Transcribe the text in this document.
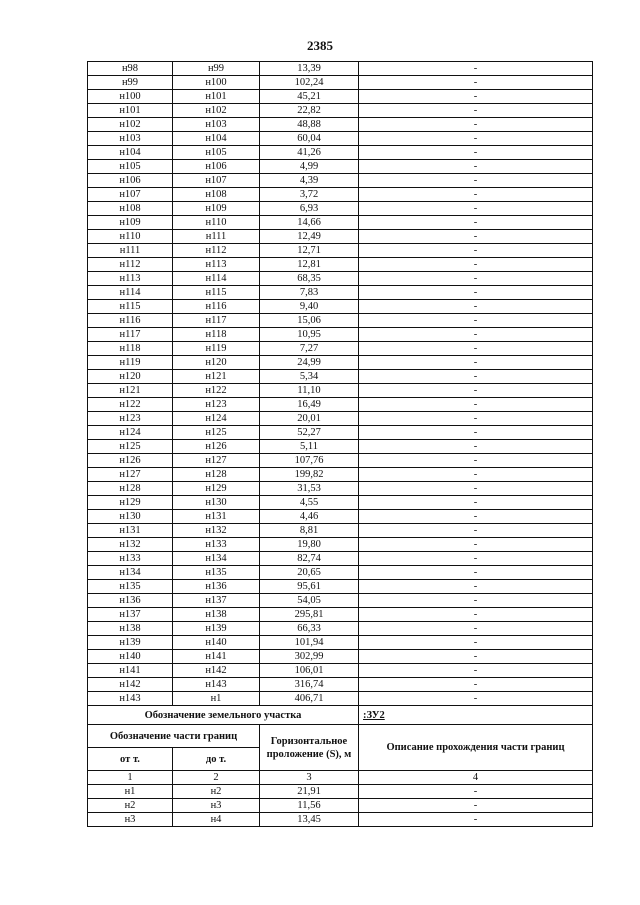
2385
н98	н99	13,39	-
н99	н100	102,24	-
н100	н101	45,21	-
н101	н102	22,82	-
н102	н103	48,88	-
н103	н104	60,04	-
н104	н105	41,26	-
н105	н106	4,99	-
н106	н107	4,39	-
н107	н108	3,72	-
н108	н109	6,93	-
н109	н110	14,66	-
н110	н111	12,49	-
н111	н112	12,71	-
н112	н113	12,81	-
н113	н114	68,35	-
н114	н115	7,83	-
н115	н116	9,40	-
н116	н117	15,06	-
н117	н118	10,95	-
н118	н119	7,27	-
н119	н120	24,99	-
н120	н121	5,34	-
н121	н122	11,10	-
н122	н123	16,49	-
н123	н124	20,01	-
н124	н125	52,27	-
н125	н126	5,11	-
н126	н127	107,76	-
н127	н128	199,82	-
н128	н129	31,53	-
н129	н130	4,55	-
н130	н131	4,46	-
н131	н132	8,81	-
н132	н133	19,80	-
н133	н134	82,74	-
н134	н135	20,65	-
н135	н136	95,61	-
н136	н137	54,05	-
н137	н138	295,81	-
н138	н139	66,33	-
н139	н140	101,94	-
н140	н141	302,99	-
н141	н142	106,01	-
н142	н143	316,74	-
н143	н1	406,71	-
Обозначение земельного участка			:ЗУ2
Обозначение части границ		Горизонтальное проложение (S), м	Описание прохождения части границ
от т.	до т.		
1	2	3	4
н1	н2	21,91	-
н2	н3	11,56	-
н3	н4	13,45	-
